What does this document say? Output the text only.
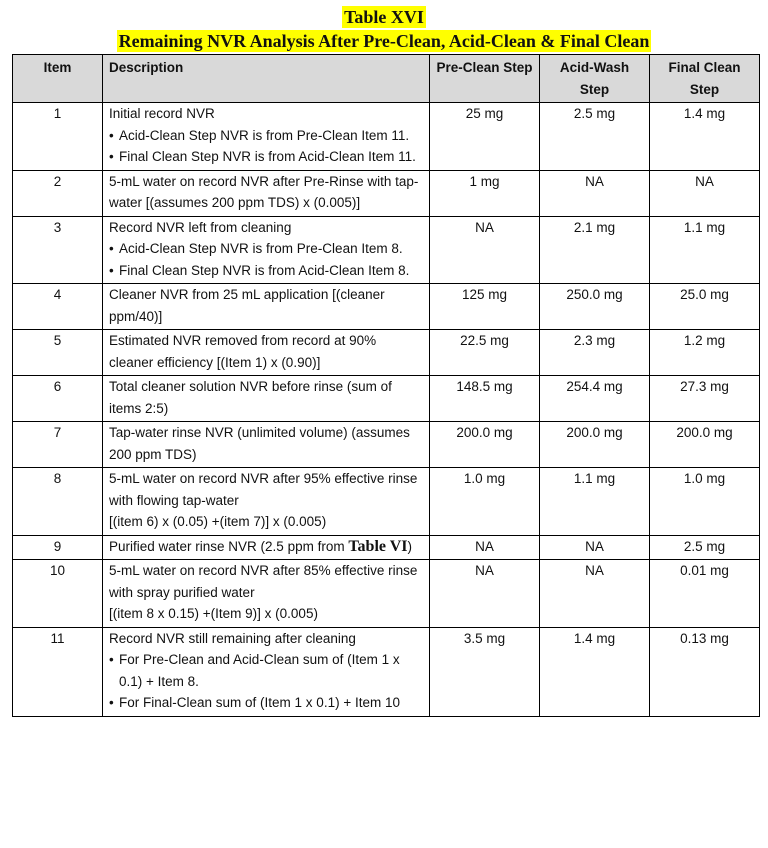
Table XVI
Remaining NVR Analysis After Pre-Clean, Acid-Clean & Final Clean
Item	Description	Pre-Clean Step	Acid-Wash Step	Final Clean Step
1	Initial record NVR
• Acid-Clean Step NVR is from Pre-Clean Item 11.
• Final Clean Step NVR is from Acid-Clean Item 11.	25 mg	2.5 mg	1.4 mg
2	5-mL water on record NVR after Pre-Rinse with tap-water [(assumes 200 ppm TDS) x (0.005)]	1 mg	NA	NA
3	Record NVR left from cleaning
• Acid-Clean Step NVR is from Pre-Clean Item 8.
• Final Clean Step NVR is from Acid-Clean Item 8.	NA	2.1 mg	1.1 mg
4	Cleaner NVR from 25 mL application [(cleaner ppm/40)]	125 mg	250.0 mg	25.0 mg
5	Estimated NVR removed from record at 90% cleaner efficiency [(Item 1) x (0.90)]	22.5 mg	2.3 mg	1.2 mg
6	Total cleaner solution NVR before rinse (sum of items 2:5)	148.5 mg	254.4 mg	27.3 mg
7	Tap-water rinse NVR (unlimited volume) (assumes 200 ppm TDS)	200.0 mg	200.0 mg	200.0 mg
8	5-mL water on record NVR after 95% effective rinse with flowing tap-water
[(item 6) x (0.05) +(item 7)] x (0.005)	1.0 mg	1.1 mg	1.0 mg
9	Purified water rinse NVR (2.5 ppm from Table VI)	NA	NA	2.5 mg
10	5-mL water on record NVR after 85% effective rinse with spray purified water
[(item 8 x 0.15) +(Item 9)] x (0.005)	NA	NA	0.01 mg
11	Record NVR still remaining after cleaning
• For Pre-Clean and Acid-Clean sum of (Item 1 x 0.1) + Item 8.
• For Final-Clean sum of (Item 1 x 0.1) + Item 10	3.5 mg	1.4 mg	0.13 mg
